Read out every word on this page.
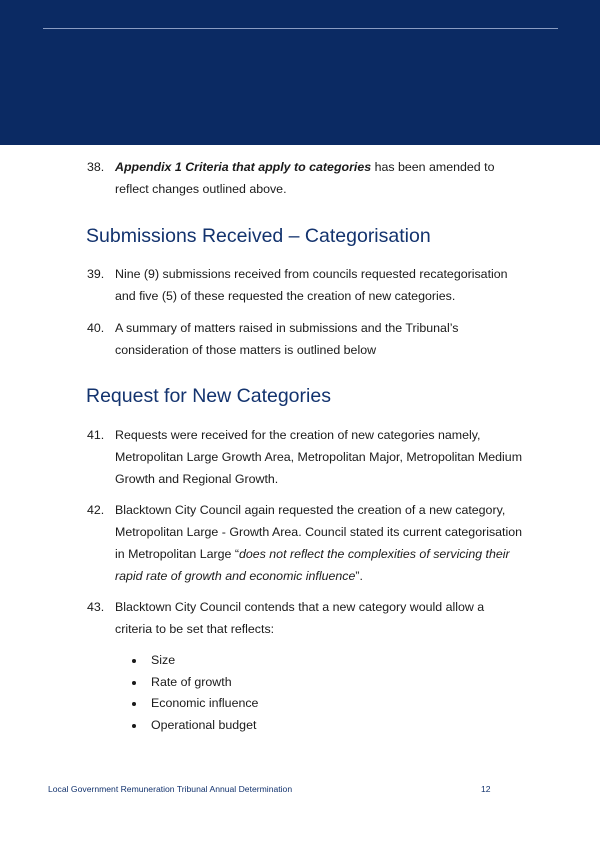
38. Appendix 1 Criteria that apply to categories has been amended to
reflect changes outlined above.
Submissions Received – Categorisation
39. Nine (9) submissions received from councils requested recategorisation
and five (5) of these requested the creation of new categories.
40. A summary of matters raised in submissions and the Tribunal’s
consideration of those matters is outlined below
Request for New Categories
41. Requests were received for the creation of new categories namely,
Metropolitan Large Growth Area, Metropolitan Major, Metropolitan Medium
Growth and Regional Growth.
42. Blacktown City Council again requested the creation of a new category,
Metropolitan Large - Growth Area. Council stated its current categorisation
in Metropolitan Large “does not reflect the complexities of servicing their
rapid rate of growth and economic influence”.
43. Blacktown City Council contends that a new category would allow a
criteria to be set that reflects:
Size
Rate of growth
Economic influence
Operational budget
Local Government Remuneration Tribunal Annual Determination	12
